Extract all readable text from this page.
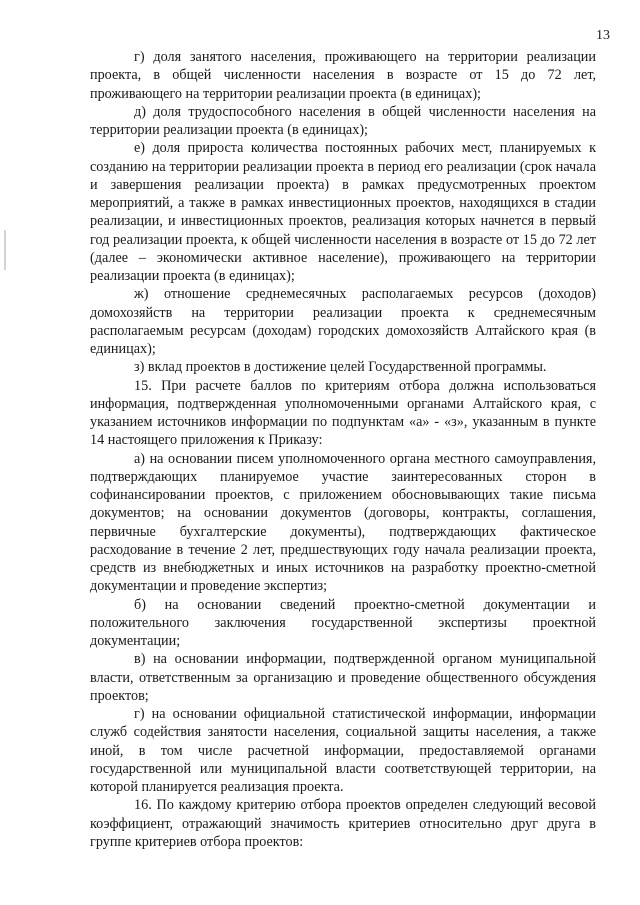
13

г) доля занятого населения, проживающего на территории реализации проекта, в общей численности населения в возрасте от 15 до 72 лет, проживающего на территории реализации проекта (в единицах);

д) доля трудоспособного населения в общей численности населения на территории реализации проекта (в единицах);

е) доля прироста количества постоянных рабочих мест, планируемых к созданию на территории реализации проекта в период его реализации (срок начала и завершения реализации проекта) в рамках предусмотренных проектом мероприятий, а также в рамках инвестиционных проектов, находящихся в стадии реализации, и инвестиционных проектов, реализация которых начнется в первый год реализации проекта, к общей численности населения в возрасте от 15 до 72 лет (далее – экономически активное население), проживающего на территории реализации проекта (в единицах);

ж) отношение среднемесячных располагаемых ресурсов (доходов) домохозяйств на территории реализации проекта к среднемесячным располагаемым ресурсам (доходам) городских домохозяйств Алтайского края (в единицах);

з) вклад проектов в достижение целей Государственной программы.

15. При расчете баллов по критериям отбора должна использоваться информация, подтвержденная уполномоченными органами Алтайского края, с указанием источников информации по подпунктам «а» - «з», указанным в пункте 14 настоящего приложения к Приказу:

а) на основании писем уполномоченного органа местного самоуправления, подтверждающих планируемое участие заинтересованных сторон в софинансировании проектов, с приложением обосновывающих такие письма документов; на основании документов (договоры, контракты, соглашения, первичные бухгалтерские документы), подтверждающих фактическое расходование в течение 2 лет, предшествующих году начала реализации проекта, средств из внебюджетных и иных источников на разработку проектно-сметной документации и проведение экспертиз;

б) на основании сведений проектно-сметной документации и положительного заключения государственной экспертизы проектной документации;

в) на основании информации, подтвержденной органом муниципальной власти, ответственным за организацию и проведение общественного обсуждения проектов;

г) на основании официальной статистической информации, информации служб содействия занятости населения, социальной защиты населения, а также иной, в том числе расчетной информации, предоставляемой органами государственной или муниципальной власти соответствующей территории, на которой планируется реализация проекта.

16. По каждому критерию отбора проектов определен следующий весовой коэффициент, отражающий значимость критериев относительно друг друга в группе критериев отбора проектов:
